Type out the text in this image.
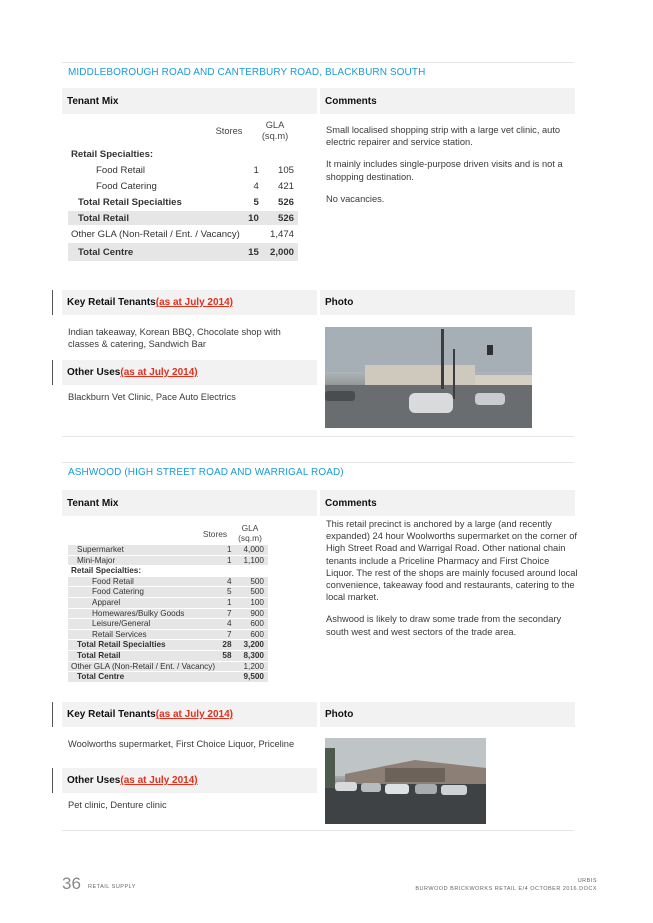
MIDDLEBOROUGH ROAD AND CANTERBURY ROAD, BLACKBURN SOUTH
Tenant Mix	Comments
Stores
GLA
(sq.m)
Retail Specialties:		
Food Retail	1	105
Food Catering	4	421
Total Retail Specialties	5	526
Total Retail	10	526
Other GLA (Non-Retail / Ent. / Vacancy)		1,474
Total Centre	15	2,000

Small localised shopping strip with a large vet clinic, auto electric repairer and service station.

It mainly includes single-purpose driven visits and is not a shopping destination.

No vacancies.

Key Retail Tenants (as at July 2014)	Photo
Indian takeaway, Korean BBQ, Chocolate shop with classes & catering, Sandwich Bar
Other Uses (as at July 2014)
Blackburn Vet Clinic, Pace Auto Electrics
ASHWOOD (HIGH STREET ROAD AND WARRIGAL ROAD)
Tenant Mix	Comments
Stores
GLA
(sq.m)
Supermarket	1	4,000
Mini-Major	1	1,100
Retail Specialties:		
Food Retail	4	500
Food Catering	5	500
Apparel	1	100
Homewares/Bulky Goods	7	900
Leisure/General	4	600
Retail Services	7	600
Total Retail Specialties	28	3,200
Total Retail	58	8,300
Other GLA (Non-Retail / Ent. / Vacancy)		1,200
Total Centre		9,500

This retail precinct is anchored by a large (and recently expanded) 24 hour Woolworths supermarket on the corner of High Street Road and Warrigal Road. Other national chain tenants include a Priceline Pharmacy and First Choice Liquor. The rest of the shops are mainly focused around local convenience, takeaway food and restaurants, catering to the local market.

Ashwood is likely to draw some trade from the secondary south west and west sectors of the trade area.

Key Retail Tenants (as at July 2014)	Photo
Woolworths supermarket, First Choice Liquor, Priceline
Other Uses (as at July 2014)
Pet clinic, Denture clinic
36 RETAIL SUPPLY
URBIS
BURWOOD BRICKWORKS RETAIL E/4 OCTOBER 2016.DOCX
